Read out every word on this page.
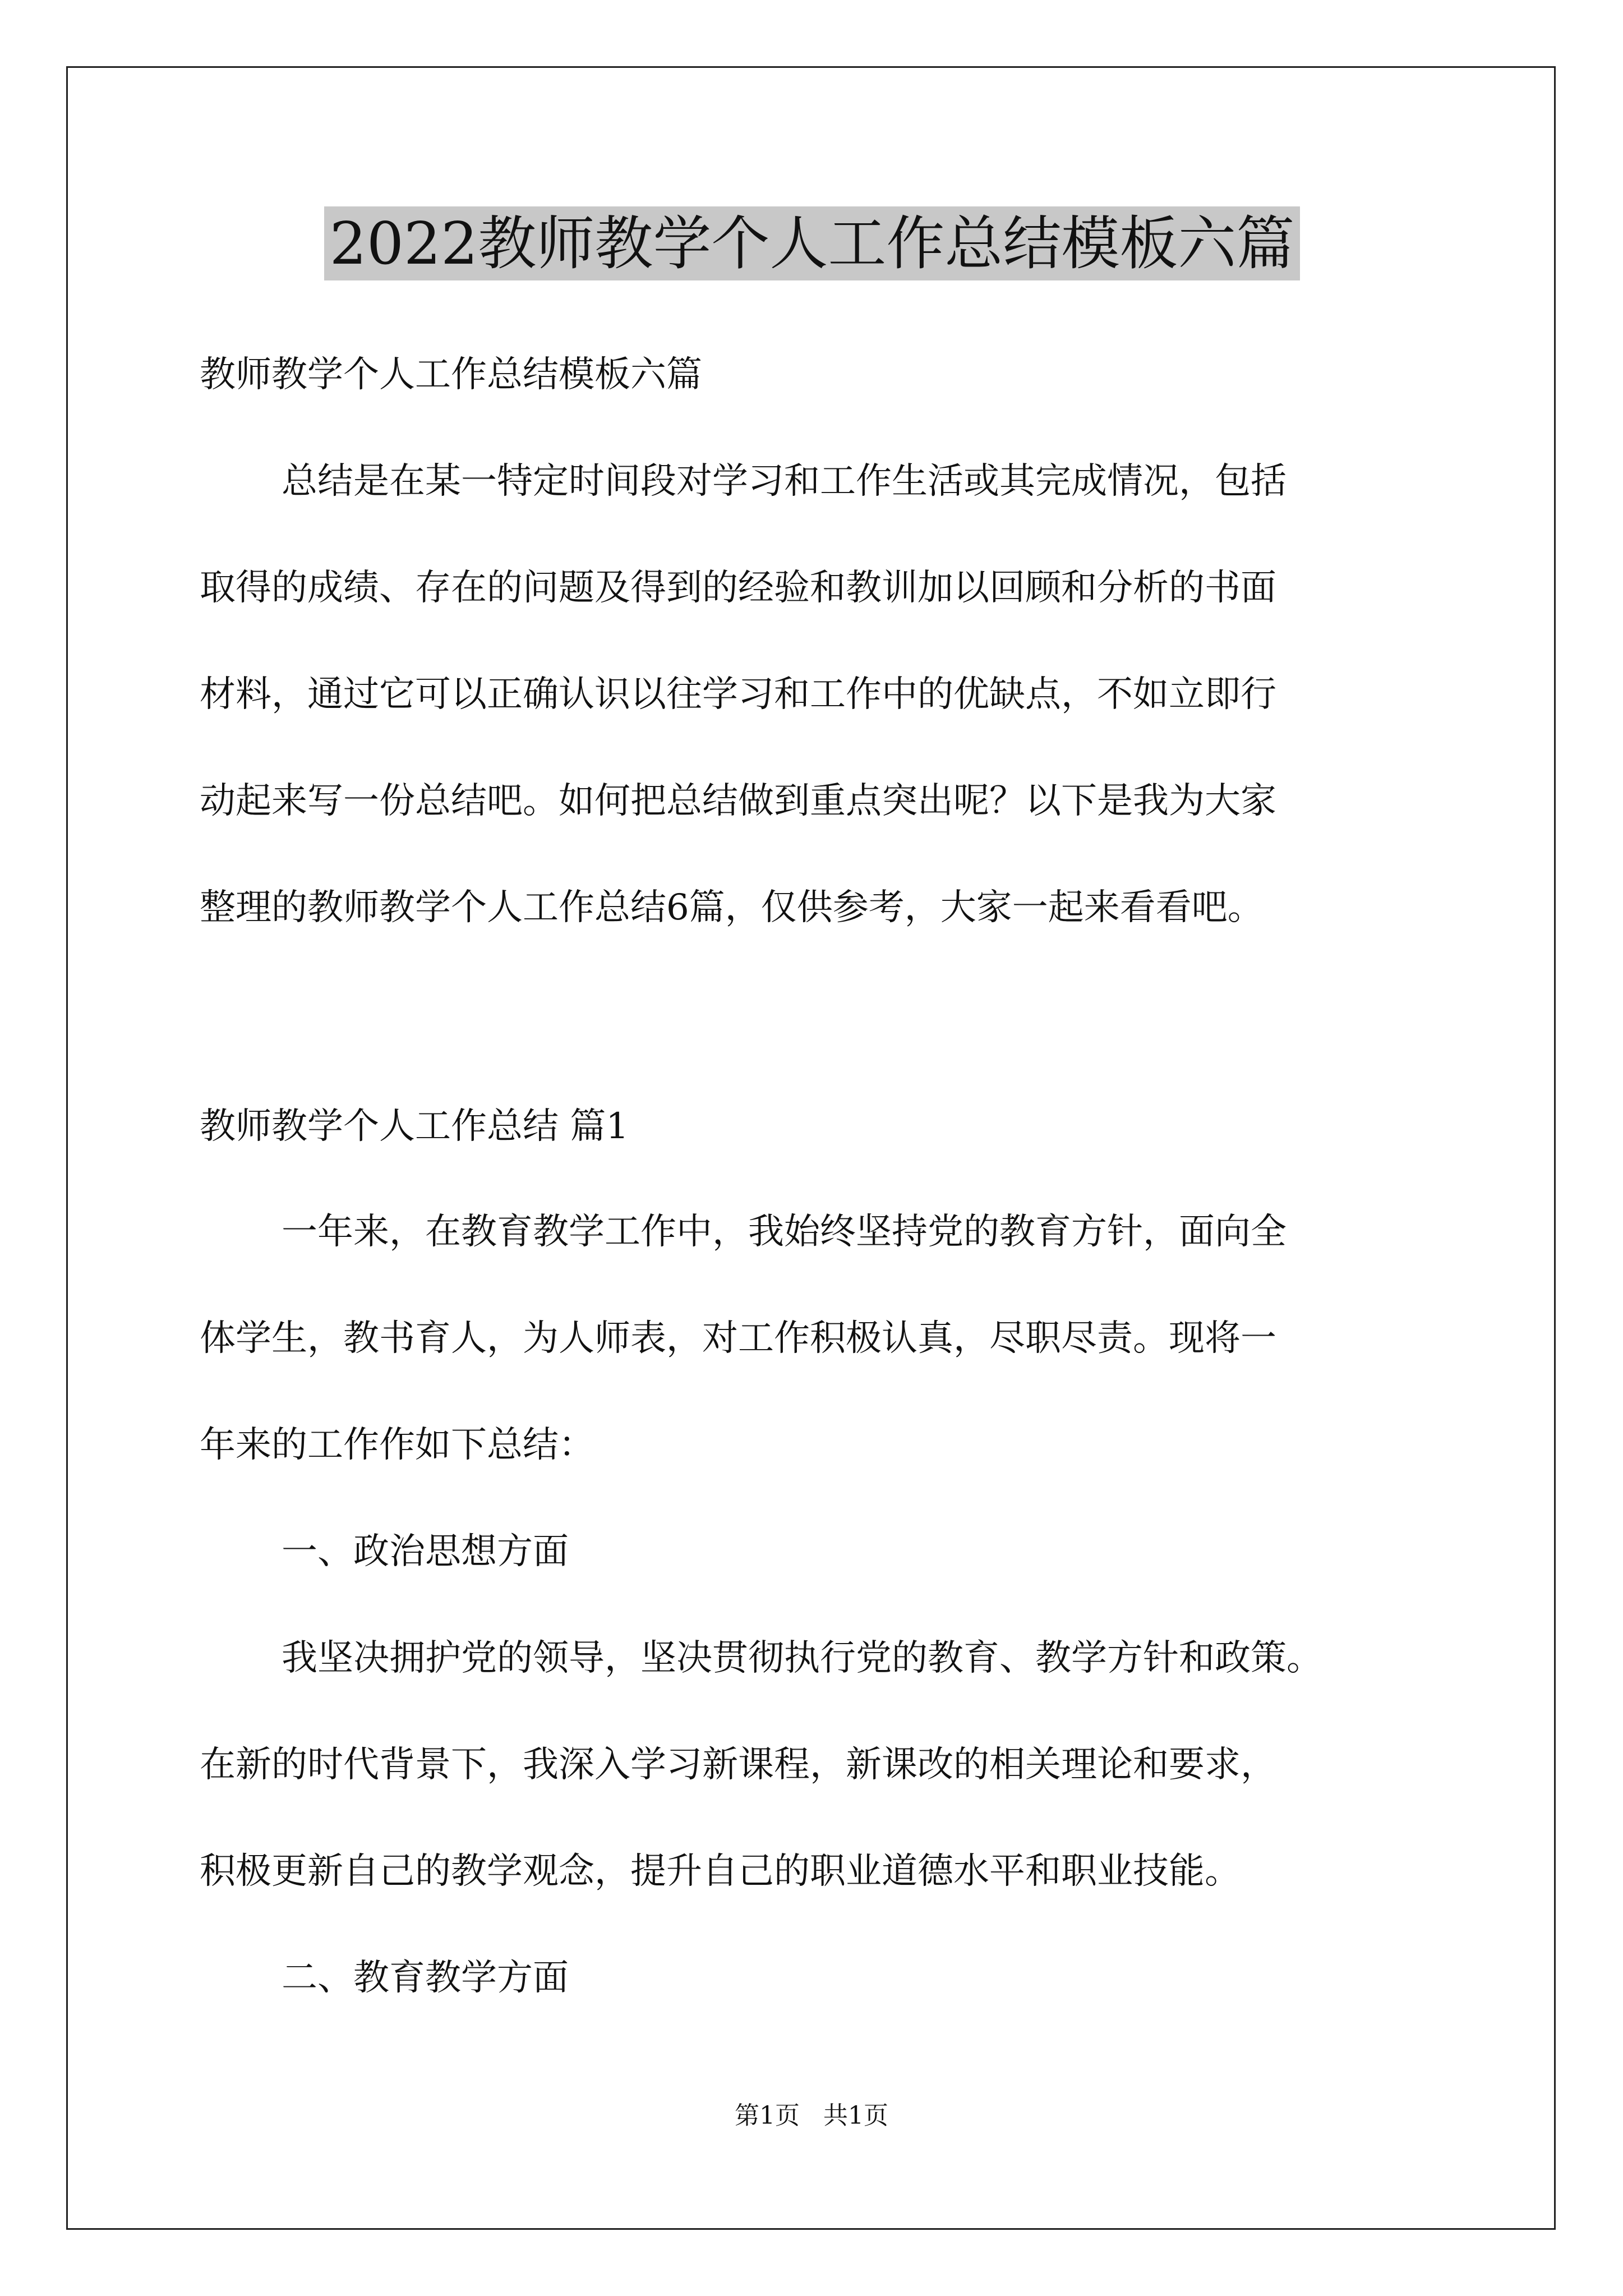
2022教师教学个人工作总结模板六篇

教师教学个人工作总结模板六篇

总结是在某一特定时间段对学习和工作生活或其完成情况，包括

取得的成绩、存在的问题及得到的经验和教训加以回顾和分析的书面

材料，通过它可以正确认识以往学习和工作中的优缺点，不如立即行

动起来写一份总结吧。如何把总结做到重点突出呢？以下是我为大家

整理的教师教学个人工作总结6篇，仅供参考，大家一起来看看吧。

教师教学个人工作总结 篇1

一年来，在教育教学工作中，我始终坚持党的教育方针，面向全

体学生，教书育人，为人师表，对工作积极认真，尽职尽责。现将一

年来的工作作如下总结：

一、政治思想方面

我坚决拥护党的领导，坚决贯彻执行党的教育、教学方针和政策。

在新的时代背景下，我深入学习新课程，新课改的相关理论和要求，

积极更新自己的教学观念，提升自己的职业道德水平和职业技能。

二、教育教学方面

第1页 共1页
